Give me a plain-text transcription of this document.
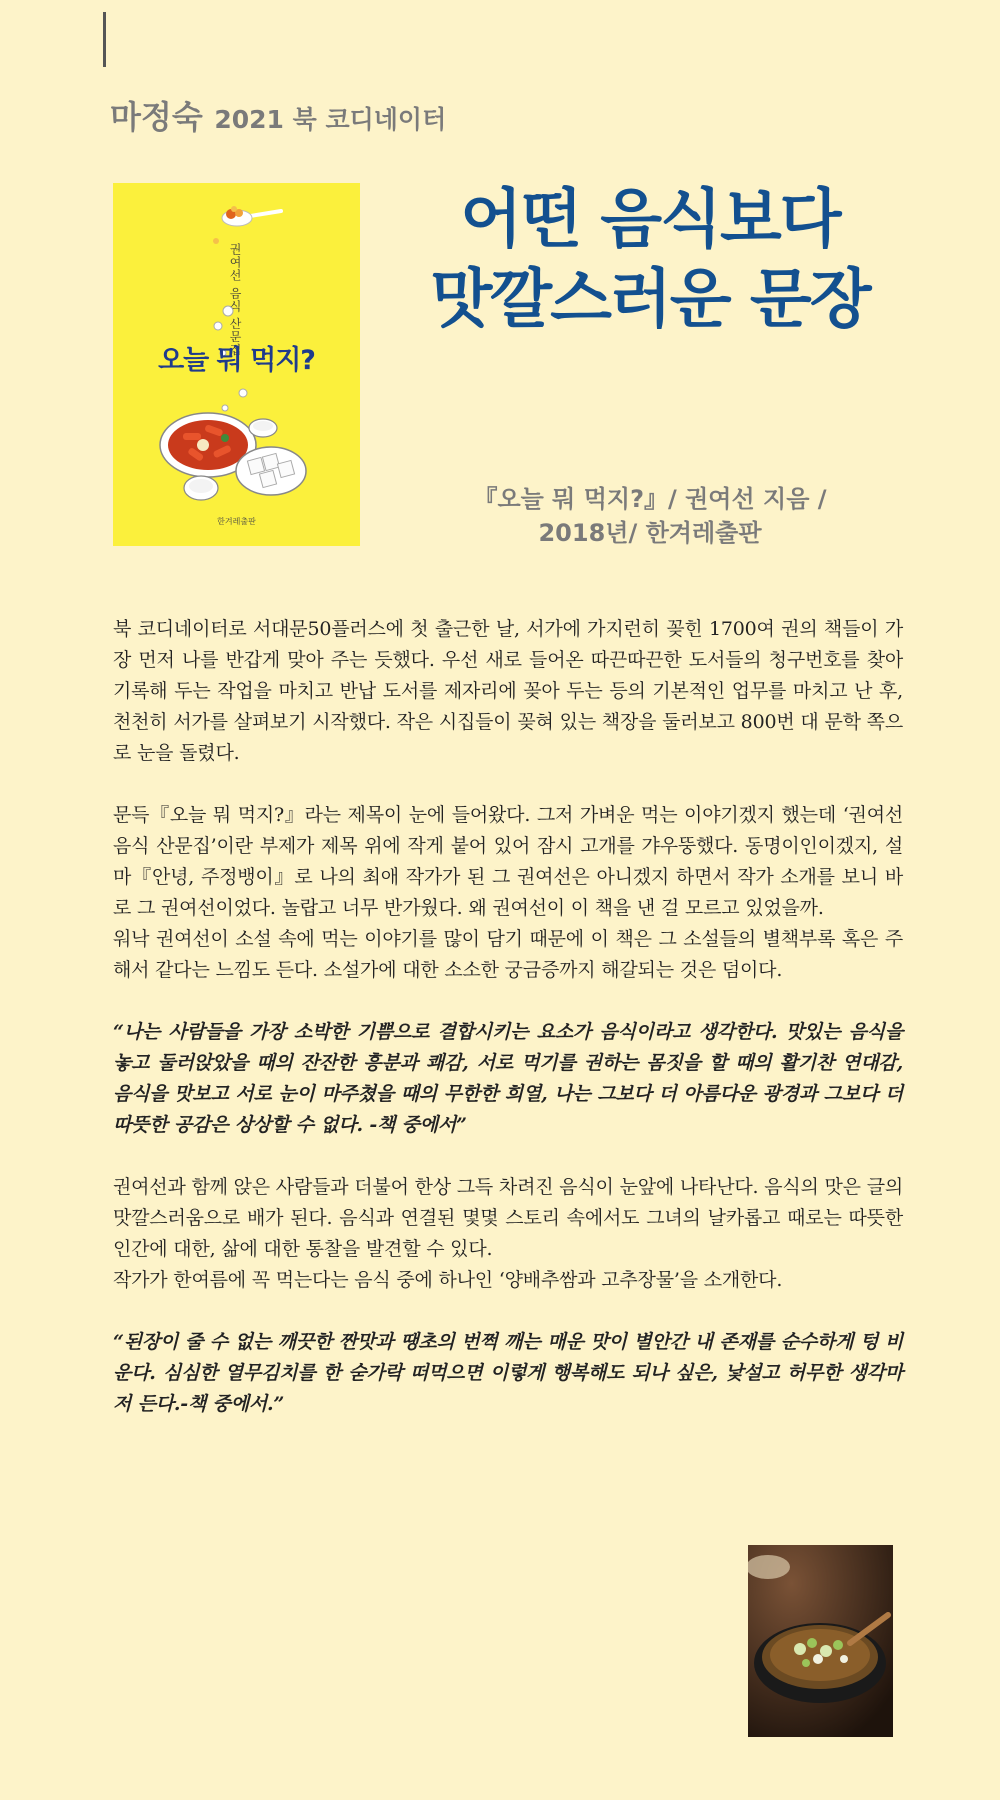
마정숙 2021 북 코디네이터
권여선 음식 산문집
오늘 뭐 먹지?
한겨레출판
어떤 음식보다
맛깔스러운 문장
『오늘 뭐 먹지?』/ 권여선 지음 /
2018년/ 한겨레출판

북 코디네이터로 서대문50플러스에 첫 출근한 날, 서가에 가지런히 꽂힌 1700여 권의 책들이 가장 먼저 나를 반갑게 맞아 주는 듯했다. 우선 새로 들어온 따끈따끈한 도서들의 청구번호를 찾아 기록해 두는 작업을 마치고 반납 도서를 제자리에 꽂아 두는 등의 기본적인 업무를 마치고 난 후, 천천히 서가를 살펴보기 시작했다. 작은 시집들이 꽂혀 있는 책장을 둘러보고 800번 대 문학 쪽으로 눈을 돌렸다.

문득『오늘 뭐 먹지?』라는 제목이 눈에 들어왔다. 그저 가벼운 먹는 이야기겠지 했는데 ‘권여선 음식 산문집’이란 부제가 제목 위에 작게 붙어 있어 잠시 고개를 갸우뚱했다. 동명이인이겠지, 설마『안녕, 주정뱅이』로 나의 최애 작가가 된 그 권여선은 아니겠지 하면서 작가 소개를 보니 바로 그 권여선이었다. 놀랍고 너무 반가웠다. 왜 권여선이 이 책을 낸 걸 모르고 있었을까.

워낙 권여선이 소설 속에 먹는 이야기를 많이 담기 때문에 이 책은 그 소설들의 별책부록 혹은 주해서 같다는 느낌도 든다. 소설가에 대한 소소한 궁금증까지 해갈되는 것은 덤이다.

“나는 사람들을 가장 소박한 기쁨으로 결합시키는 요소가 음식이라고 생각한다. 맛있는 음식을 놓고 둘러앉았을 때의 잔잔한 흥분과 쾌감, 서로 먹기를 권하는 몸짓을 할 때의 활기찬 연대감, 음식을 맛보고 서로 눈이 마주쳤을 때의 무한한 희열, 나는 그보다 더 아름다운 광경과 그보다 더 따뜻한 공감은 상상할 수 없다. -책 중에서”

권여선과 함께 앉은 사람들과 더불어 한상 그득 차려진 음식이 눈앞에 나타난다. 음식의 맛은 글의 맛깔스러움으로 배가 된다. 음식과 연결된 몇몇 스토리 속에서도 그녀의 날카롭고 때로는 따뜻한 인간에 대한, 삶에 대한 통찰을 발견할 수 있다.

작가가 한여름에 꼭 먹는다는 음식 중에 하나인 ‘양배추쌈과 고추장물’을 소개한다.

“된장이 줄 수 없는 깨끗한 짠맛과 땡초의 번쩍 깨는 매운 맛이 별안간 내 존재를 순수하게 텅 비운다. 심심한 열무김치를 한 숟가락 떠먹으면 이렇게 행복해도 되나 싶은, 낯설고 허무한 생각마저 든다.-책 중에서.”
